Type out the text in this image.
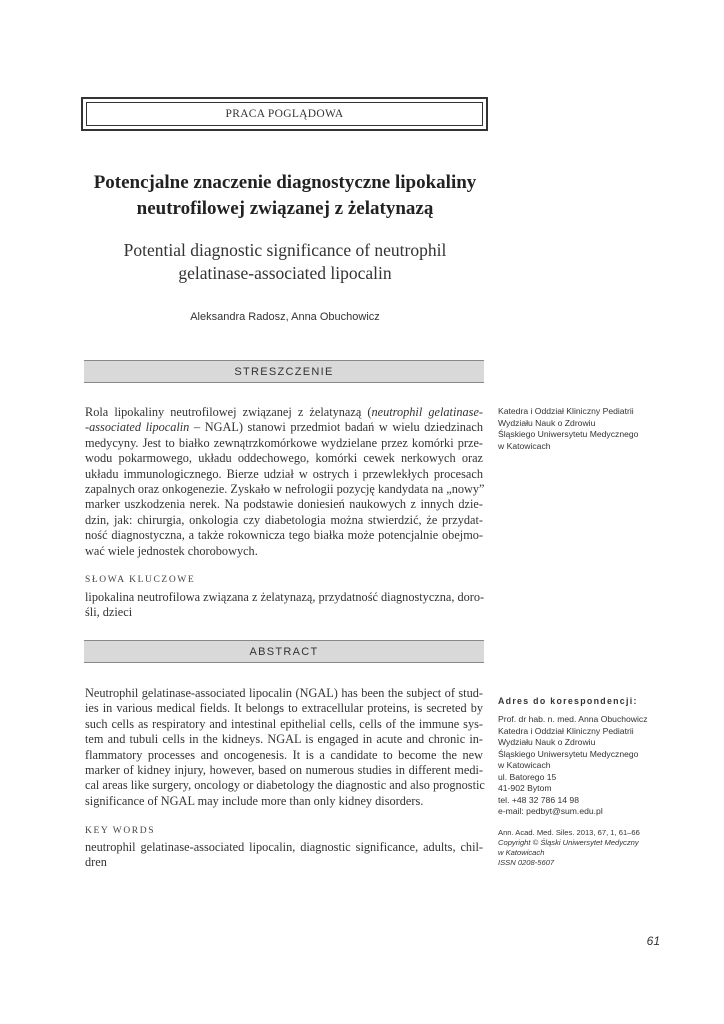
PRACA POGLĄDOWA
Potencjalne znaczenie diagnostyczne lipokaliny
neutrofilowej związanej z żelatynazą
Potential diagnostic significance of neutrophil
gelatinase-associated lipocalin
Aleksandra Radosz, Anna Obuchowicz
STRESZCZENIE
Rola lipokaliny neutrofilowej związanej z żelatynazą (neutrophil gelatinase-
-associated lipocalin – NGAL) stanowi przedmiot badań w wielu dziedzinach
medycyny. Jest to białko zewnątrzkomórkowe wydzielane przez komórki prze-
wodu pokarmowego, układu oddechowego, komórki cewek nerkowych oraz
układu immunologicznego. Bierze udział w ostrych i przewlekłych procesach
zapalnych oraz onkogenezie. Zyskało w nefrologii pozycję kandydata na „nowy”
marker uszkodzenia nerek. Na podstawie doniesień naukowych z innych dzie-
dzin, jak: chirurgia, onkologia czy diabetologia można stwierdzić, że przydat-
ność diagnostyczna, a także rokownicza tego białka może potencjalnie obejmo-
wać wiele jednostek chorobowych.
SŁOWA KLUCZOWE
lipokalina neutrofilowa związana z żelatynazą, przydatność diagnostyczna, doro-
śli, dzieci
ABSTRACT
Neutrophil gelatinase-associated lipocalin (NGAL) has been the subject of stud-
ies in various medical fields. It belongs to extracellular proteins, is secreted by
such cells as respiratory and intestinal epithelial cells, cells of the immune sys-
tem and tubuli cells in the kidneys. NGAL is engaged in acute and chronic in-
flammatory processes and oncogenesis. It is a candidate to become the new
marker of kidney injury, however, based on numerous studies in different medi-
cal areas like surgery, oncology or diabetology the diagnostic and also prognostic
significance of NGAL may include more than only kidney disorders.
KEY WORDS
neutrophil gelatinase-associated lipocalin, diagnostic significance, adults, chil-
dren
Katedra i Oddział Kliniczny Pediatrii
Wydziału Nauk o Zdrowiu
Śląskiego Uniwersytetu Medycznego
w Katowicach
Adres do korespondencji:
Prof. dr hab. n. med. Anna Obuchowicz
Katedra i Oddział Kliniczny Pediatrii
Wydziału Nauk o Zdrowiu
Śląskiego Uniwersytetu Medycznego
w Katowicach
ul. Batorego 15
41-902 Bytom
tel. +48 32 786 14 98
e-mail: pedbyt@sum.edu.pl
Ann. Acad. Med. Siles. 2013, 67, 1, 61–66
Copyright © Śląski Uniwersytet Medyczny
w Katowicach
ISSN 0208-5607
61
